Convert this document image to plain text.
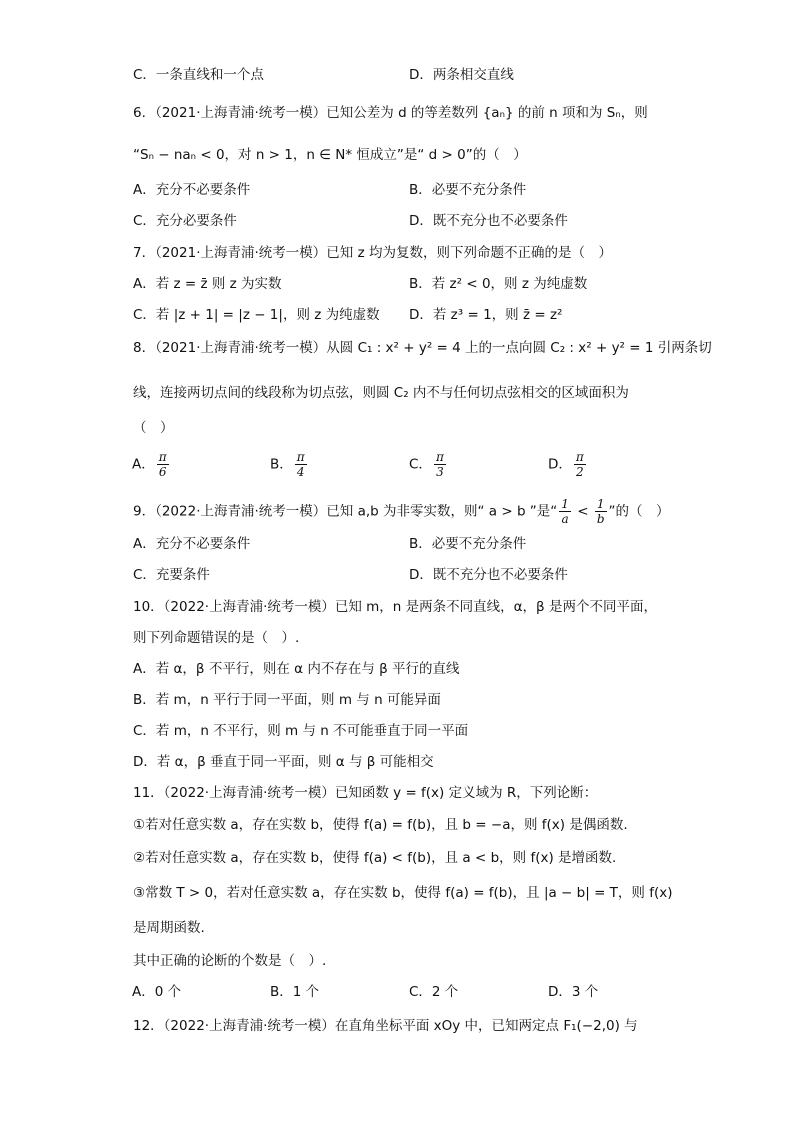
C．一条直线和一个点	D．两条相交直线
6．（2021·上海青浦·统考一模）已知公差为 d 的等差数列 {aₙ} 的前 n 项和为 Sₙ，则
“Sₙ − naₙ < 0，对 n > 1，n ∈ N* 恒成立”是“ d > 0”的（　）
A．充分不必要条件	B．必要不充分条件
C．充分必要条件	D．既不充分也不必要条件
7．（2021·上海青浦·统考一模）已知 z 均为复数，则下列命题不正确的是（　）
A．若 z = z̄ 则 z 为实数	B．若 z² < 0，则 z 为纯虚数
C．若 |z + 1| = |z − 1|，则 z 为纯虚数 D．若 z³ = 1，则 z̄ = z²
8．（2021·上海青浦·统考一模）从圆 C₁ : x² + y² = 4 上的一点向圆 C₂ : x² + y² = 1 引两条切
线，连接两切点间的线段称为切点弦，则圆 C₂ 内不与任何切点弦相交的区域面积为
（　）
A． $\frac{\pi}{6}$	B． $\frac{\pi}{4}$	C． $\frac{\pi}{3}$	D． $\frac{\pi}{2}$
9．（2022·上海青浦·统考一模）已知 a,b 为非零实数，则“ a > b ”是“ $\frac{1}{a} < \frac{1}{b}$ ”的（　）
A．充分不必要条件	B．必要不充分条件
C．充要条件	D．既不充分也不必要条件
10．（2022·上海青浦·统考一模）已知 m，n 是两条不同直线，α，β 是两个不同平面，
则下列命题错误的是（　）.
A．若 α，β 不平行，则在 α 内不存在与 β 平行的直线
B．若 m，n 平行于同一平面，则 m 与 n 可能异面
C．若 m，n 不平行，则 m 与 n 不可能垂直于同一平面
D．若 α，β 垂直于同一平面，则 α 与 β 可能相交
11．（2022·上海青浦·统考一模）已知函数 y = f(x) 定义域为 R，下列论断：
①若对任意实数 a，存在实数 b，使得 f(a) = f(b)，且 b = −a，则 f(x) 是偶函数.
②若对任意实数 a，存在实数 b，使得 f(a) < f(b)，且 a < b，则 f(x) 是增函数.
③常数 T > 0，若对任意实数 a，存在实数 b，使得 f(a) = f(b)，且 |a − b| = T，则 f(x)
是周期函数.
其中正确的论断的个数是（　）.
A．0 个	B．1 个	C．2 个	D．3 个
12．（2022·上海青浦·统考一模）在直角坐标平面 xOy 中，已知两定点 F₁(−2,0) 与
